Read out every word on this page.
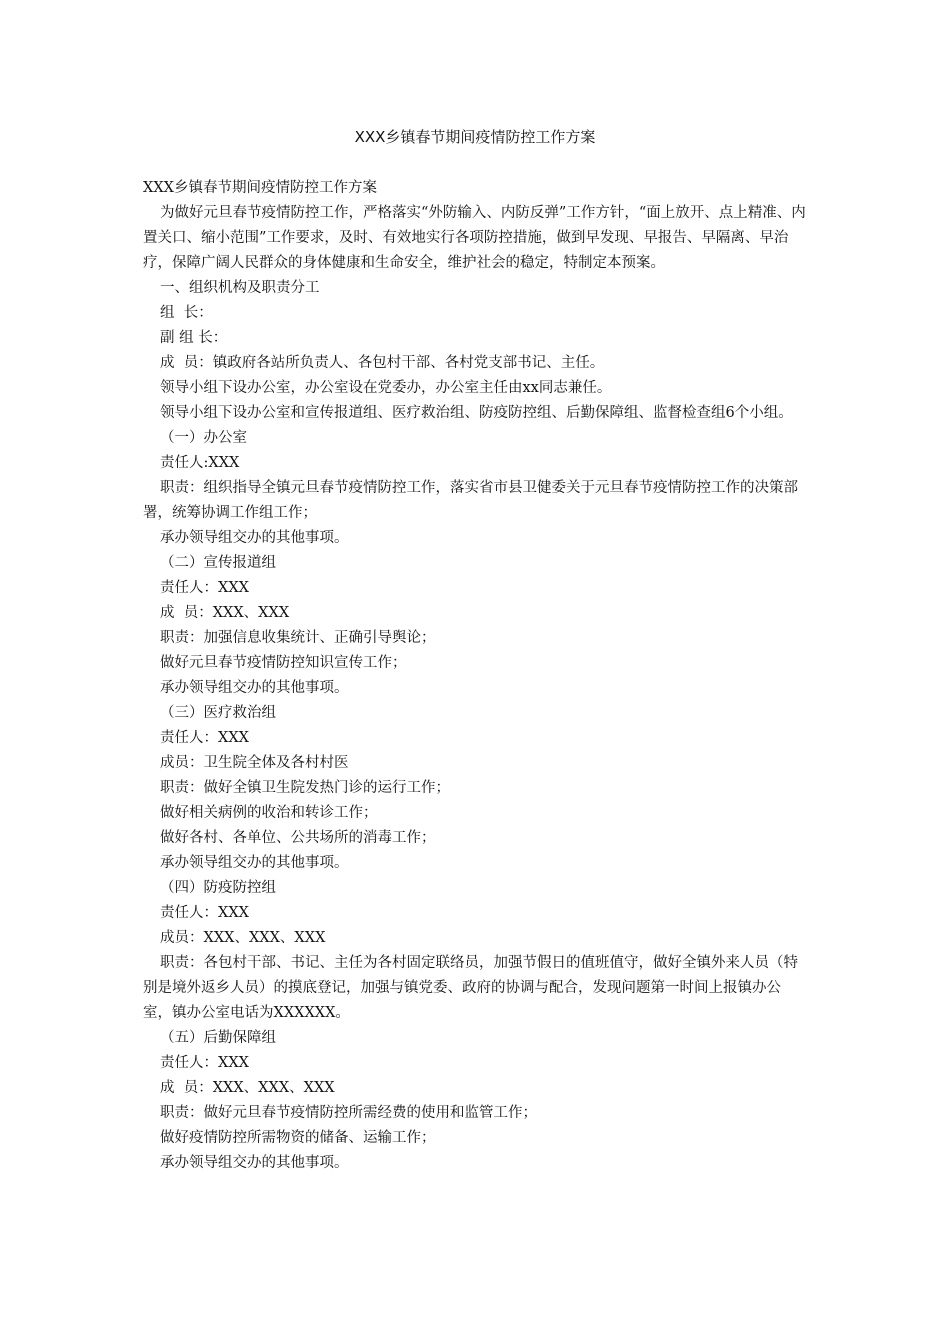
XXX乡镇春节期间疫情防控工作方案

XXX乡镇春节期间疫情防控工作方案

为做好元旦春节疫情防控工作，严格落实“外防输入、内防反弹”工作方针，“面上放开、点上精准、内置关口、缩小范围”工作要求，及时、有效地实行各项防控措施，做到早发现、早报告、早隔离、早治疗，保障广阔人民群众的身体健康和生命安全，维护社会的稳定，特制定本预案。

一、组织机构及职责分工

组  长：

副 组 长：

成  员：镇政府各站所负责人、各包村干部、各村党支部书记、主任。

领导小组下设办公室，办公室设在党委办，办公室主任由xx同志兼任。

领导小组下设办公室和宣传报道组、医疗救治组、防疫防控组、后勤保障组、监督检查组6个小组。

（一）办公室

责任人:XXX

职责：组织指导全镇元旦春节疫情防控工作，落实省市县卫健委关于元旦春节疫情防控工作的决策部署，统筹协调工作组工作；

承办领导组交办的其他事项。

（二）宣传报道组

责任人：XXX

成  员：XXX、XXX

职责：加强信息收集统计、正确引导舆论；

做好元旦春节疫情防控知识宣传工作；

承办领导组交办的其他事项。

（三）医疗救治组

责任人：XXX

成员：卫生院全体及各村村医

职责：做好全镇卫生院发热门诊的运行工作；

做好相关病例的收治和转诊工作；

做好各村、各单位、公共场所的消毒工作；

承办领导组交办的其他事项。

（四）防疫防控组

责任人：XXX

成员：XXX、XXX、XXX

职责：各包村干部、书记、主任为各村固定联络员，加强节假日的值班值守，做好全镇外来人员（特别是境外返乡人员）的摸底登记，加强与镇党委、政府的协调与配合，发现问题第一时间上报镇办公室，镇办公室电话为XXXXXX。

（五）后勤保障组

责任人：XXX

成  员：XXX、XXX、XXX

职责：做好元旦春节疫情防控所需经费的使用和监管工作；

做好疫情防控所需物资的储备、运输工作；

承办领导组交办的其他事项。
